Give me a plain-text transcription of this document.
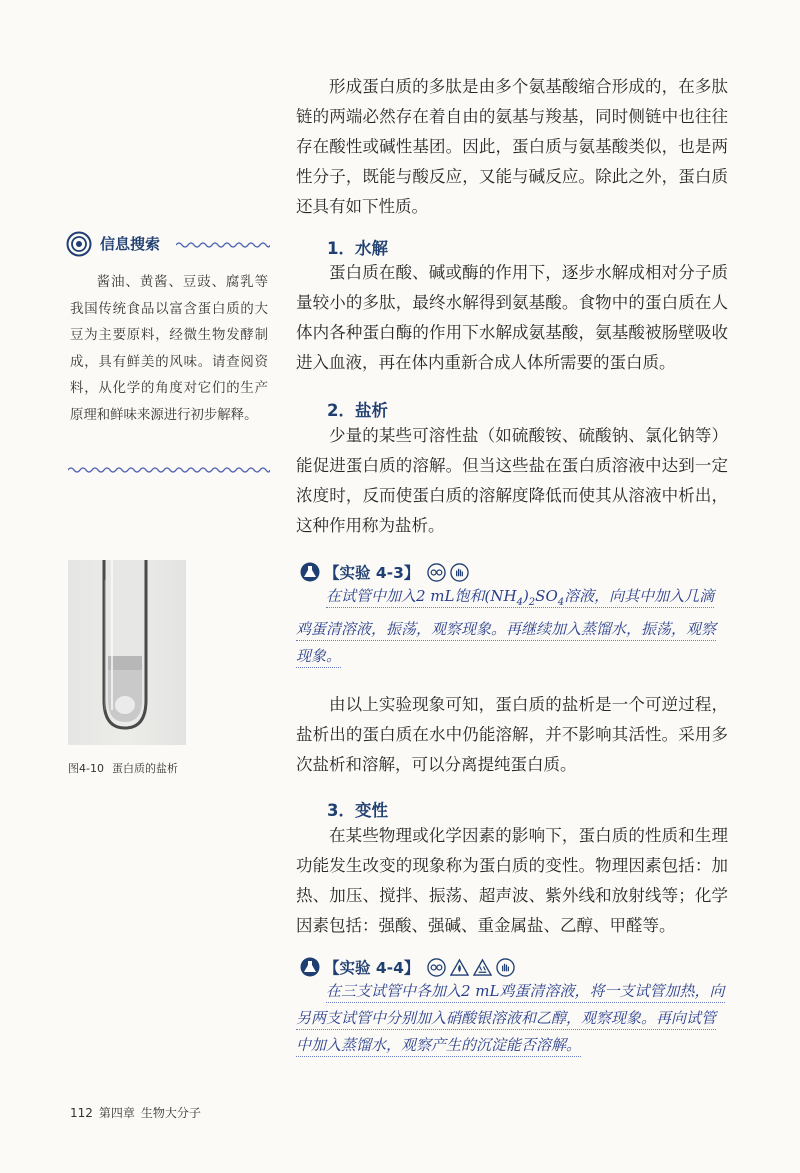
形成蛋白质的多肽是由多个氨基酸缩合形成的，在多肽链的两端必然存在着自由的氨基与羧基，同时侧链中也往往存在酸性或碱性基团。因此，蛋白质与氨基酸类似，也是两性分子，既能与酸反应，又能与碱反应。除此之外，蛋白质还具有如下性质。

信息搜索

酱油、黄酱、豆豉、腐乳等我国传统食品以富含蛋白质的大豆为主要原料，经微生物发酵制成，具有鲜美的风味。请查阅资料，从化学的角度对它们的生产原理和鲜味来源进行初步解释。

1．水解

蛋白质在酸、碱或酶的作用下，逐步水解成相对分子质量较小的多肽，最终水解得到氨基酸。食物中的蛋白质在人体内各种蛋白酶的作用下水解成氨基酸，氨基酸被肠壁吸收进入血液，再在体内重新合成人体所需要的蛋白质。

2．盐析

少量的某些可溶性盐（如硫酸铵、硫酸钠、氯化钠等）能促进蛋白质的溶解。但当这些盐在蛋白质溶液中达到一定浓度时，反而使蛋白质的溶解度降低而使其从溶液中析出，这种作用称为盐析。

【实验 4-3】

在试管中加入2 mL饱和$(NH_4)_2SO_4$溶液，向其中加入几滴鸡蛋清溶液，振荡，观察现象。再继续加入蒸馏水，振荡，观察现象。

由以上实验现象可知，蛋白质的盐析是一个可逆过程，盐析出的蛋白质在水中仍能溶解，并不影响其活性。采用多次盐析和溶解，可以分离提纯蛋白质。

图4-10 蛋白质的盐析
3．变性

在某些物理或化学因素的影响下，蛋白质的性质和生理功能发生改变的现象称为蛋白质的变性。物理因素包括：加热、加压、搅拌、振荡、超声波、紫外线和放射线等；化学因素包括：强酸、强碱、重金属盐、乙醇、甲醛等。

【实验 4-4】

在三支试管中各加入2 mL鸡蛋清溶液，将一支试管加热，向另两支试管中分别加入硝酸银溶液和乙醇，观察现象。再向试管中加入蒸馏水，观察产生的沉淀能否溶解。

112 第四章 生物大分子
